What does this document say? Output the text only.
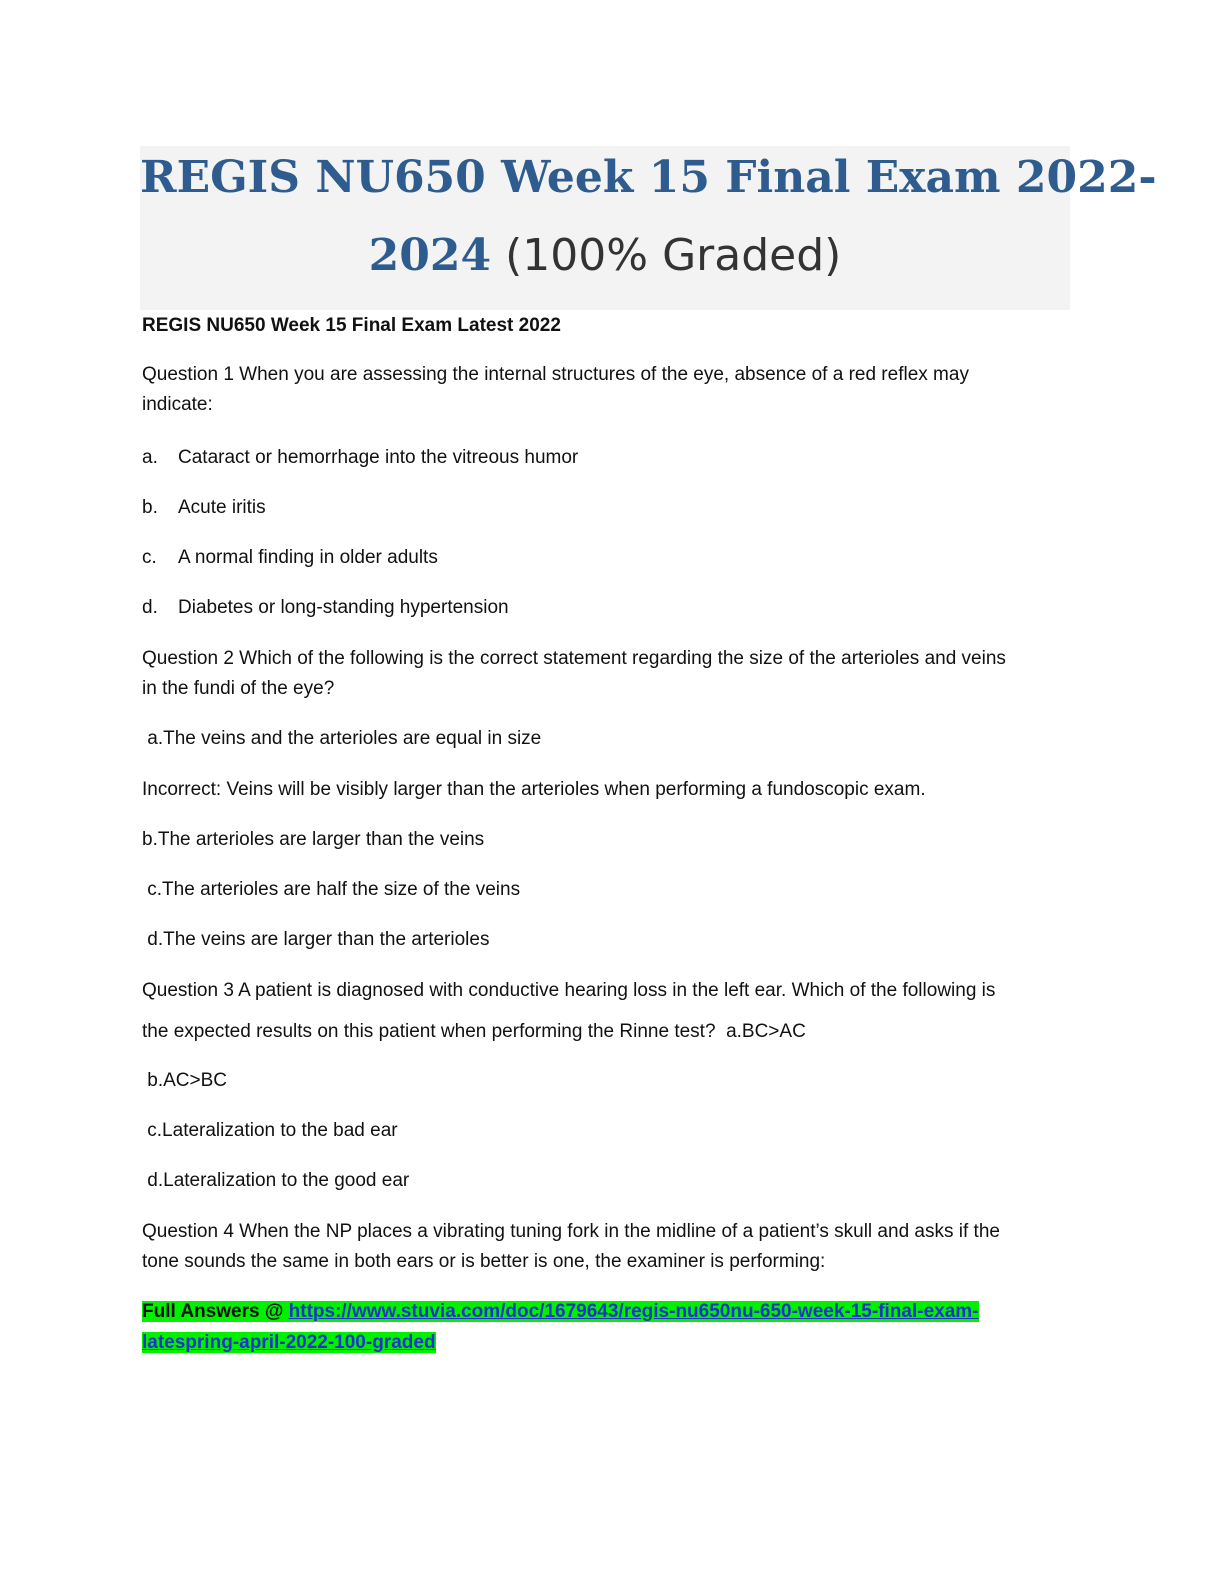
REGIS NU650 Week 15 Final Exam 2022-
2024 (100% Graded)
REGIS NU650 Week 15 Final Exam Latest 2022
Question 1 When you are assessing the internal structures of the eye, absence of a red reflex may
indicate:
a. Cataract or hemorrhage into the vitreous humor
b. Acute iritis
c. A normal finding in older adults
d. Diabetes or long-standing hypertension
Question 2 Which of the following is the correct statement regarding the size of the arterioles and veins
in the fundi of the eye?
a.The veins and the arterioles are equal in size
Incorrect: Veins will be visibly larger than the arterioles when performing a fundoscopic exam.
b.The arterioles are larger than the veins
c.The arterioles are half the size of the veins
d.The veins are larger than the arterioles
Question 3 A patient is diagnosed with conductive hearing loss in the left ear. Which of the following is
the expected results on this patient when performing the Rinne test?  a.BC>AC
b.AC>BC
c.Lateralization to the bad ear
d.Lateralization to the good ear
Question 4 When the NP places a vibrating tuning fork in the midline of a patient’s skull and asks if the
tone sounds the same in both ears or is better is one, the examiner is performing:
Full Answers @ https://www.stuvia.com/doc/1679643/regis-nu650nu-650-week-15-final-exam-
latespring-april-2022-100-graded
